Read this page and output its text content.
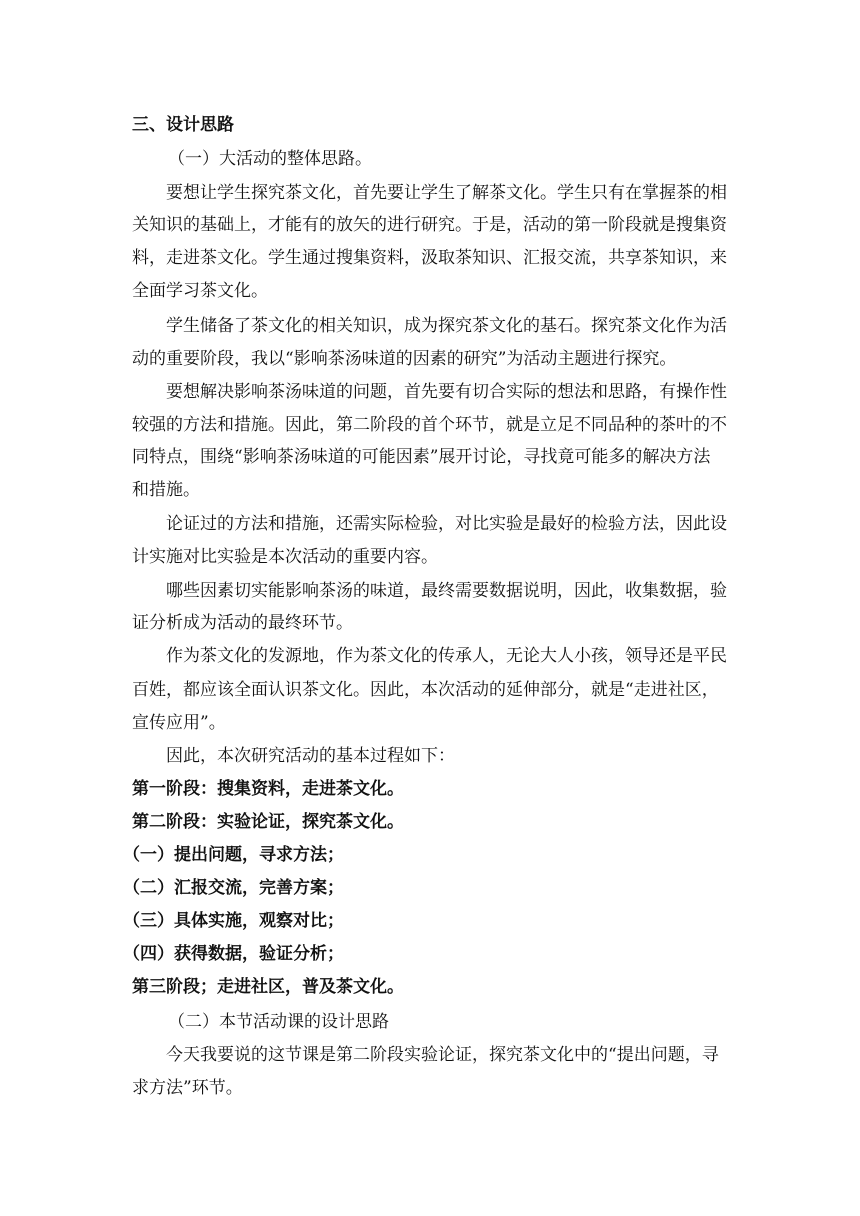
三、设计思路

（一）大活动的整体思路。

要想让学生探究茶文化，首先要让学生了解茶文化。学生只有在掌握茶的相

关知识的基础上，才能有的放矢的进行研究。于是，活动的第一阶段就是搜集资

料，走进茶文化。学生通过搜集资料，汲取茶知识、汇报交流，共享茶知识，来

全面学习茶文化。

学生储备了茶文化的相关知识，成为探究茶文化的基石。探究茶文化作为活

动的重要阶段，我以“影响茶汤味道的因素的研究”为活动主题进行探究。

要想解决影响茶汤味道的问题，首先要有切合实际的想法和思路，有操作性

较强的方法和措施。因此，第二阶段的首个环节，就是立足不同品种的茶叶的不

同特点，围绕“影响茶汤味道的可能因素”展开讨论，寻找竟可能多的解决方法

和措施。

论证过的方法和措施，还需实际检验，对比实验是最好的检验方法，因此设

计实施对比实验是本次活动的重要内容。

哪些因素切实能影响茶汤的味道，最终需要数据说明，因此，收集数据，验

证分析成为活动的最终环节。

作为茶文化的发源地，作为茶文化的传承人，无论大人小孩，领导还是平民

百姓，都应该全面认识茶文化。因此，本次活动的延伸部分，就是“走进社区，

宣传应用”。

因此，本次研究活动的基本过程如下：

第一阶段：搜集资料，走进茶文化。

第二阶段：实验论证，探究茶文化。

（一）提出问题，寻求方法；

（二）汇报交流，完善方案；

（三）具体实施，观察对比；

（四）获得数据，验证分析；

第三阶段；走进社区，普及茶文化。

（二）本节活动课的设计思路

今天我要说的这节课是第二阶段实验论证，探究茶文化中的“提出问题，寻

求方法”环节。
